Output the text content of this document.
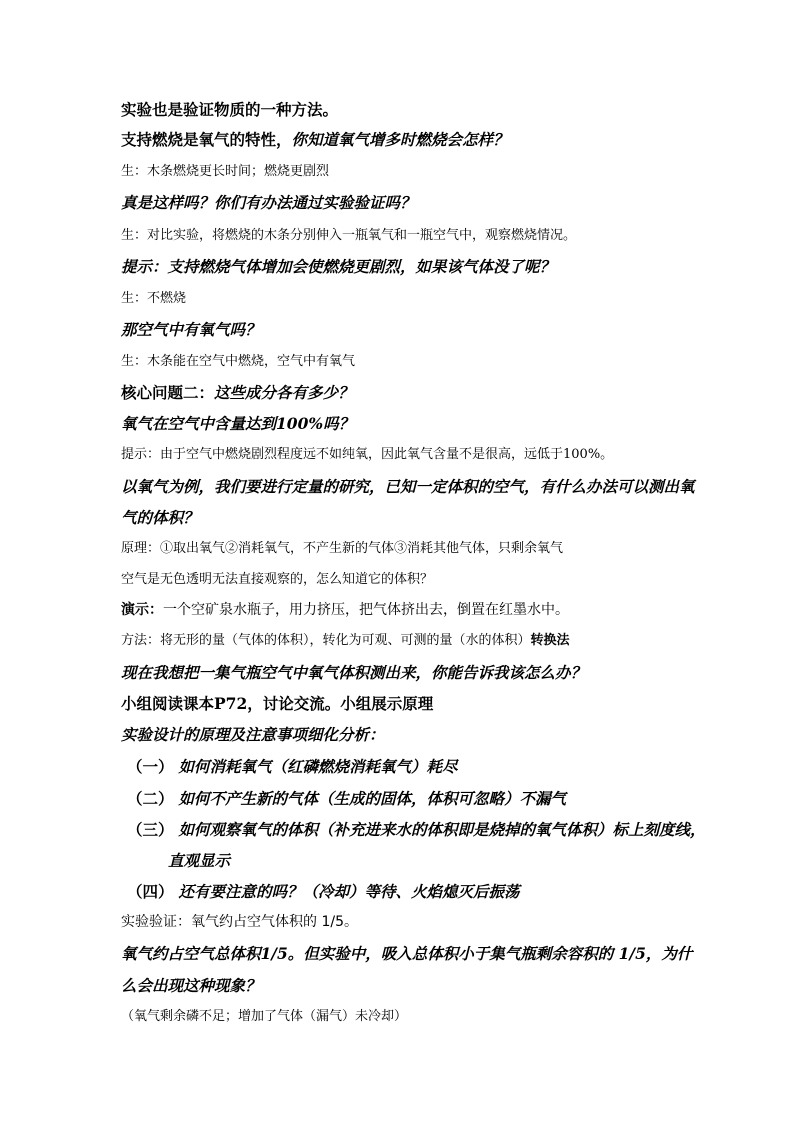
实验也是验证物质的一种方法。
支持燃烧是氧气的特性，你知道氧气增多时燃烧会怎样？
生：木条燃烧更长时间；燃烧更剧烈
真是这样吗？你们有办法通过实验验证吗？
生：对比实验，将燃烧的木条分别伸入一瓶氧气和一瓶空气中，观察燃烧情况。
提示：支持燃烧气体增加会使燃烧更剧烈，如果该气体没了呢？
生：不燃烧
那空气中有氧气吗？
生：木条能在空气中燃烧，空气中有氧气
核心问题二：这些成分各有多少？
氧气在空气中含量达到100%吗？
提示：由于空气中燃烧剧烈程度远不如纯氧，因此氧气含量不是很高，远低于100%。
以氧气为例，我们要进行定量的研究，已知一定体积的空气，有什么办法可以测出氧
气的体积？
原理：①取出氧气②消耗氧气，不产生新的气体③消耗其他气体，只剩余氧气
空气是无色透明无法直接观察的，怎么知道它的体积？
演示：一个空矿泉水瓶子，用力挤压，把气体挤出去，倒置在红墨水中。
方法：将无形的量（气体的体积），转化为可观、可测的量（水的体积）转换法
现在我想把一集气瓶空气中氧气体积测出来，你能告诉我该怎么办？
小组阅读课本P72，讨论交流。小组展示原理
实验设计的原理及注意事项细化分析：
（一） 如何消耗氧气（红磷燃烧消耗氧气）耗尽
（二） 如何不产生新的气体（生成的固体，体积可忽略）不漏气
（三） 如何观察氧气的体积（补充进来水的体积即是烧掉的氧气体积）标上刻度线，
直观显示
（四） 还有要注意的吗？（冷却）等待、火焰熄灭后振荡
实验验证：氧气约占空气体积的 1/5。
氧气约占空气总体积1/5。但实验中，吸入总体积小于集气瓶剩余容积的 1/5，为什
么会出现这种现象？
（氧气剩余磷不足；增加了气体（漏气）未冷却）
